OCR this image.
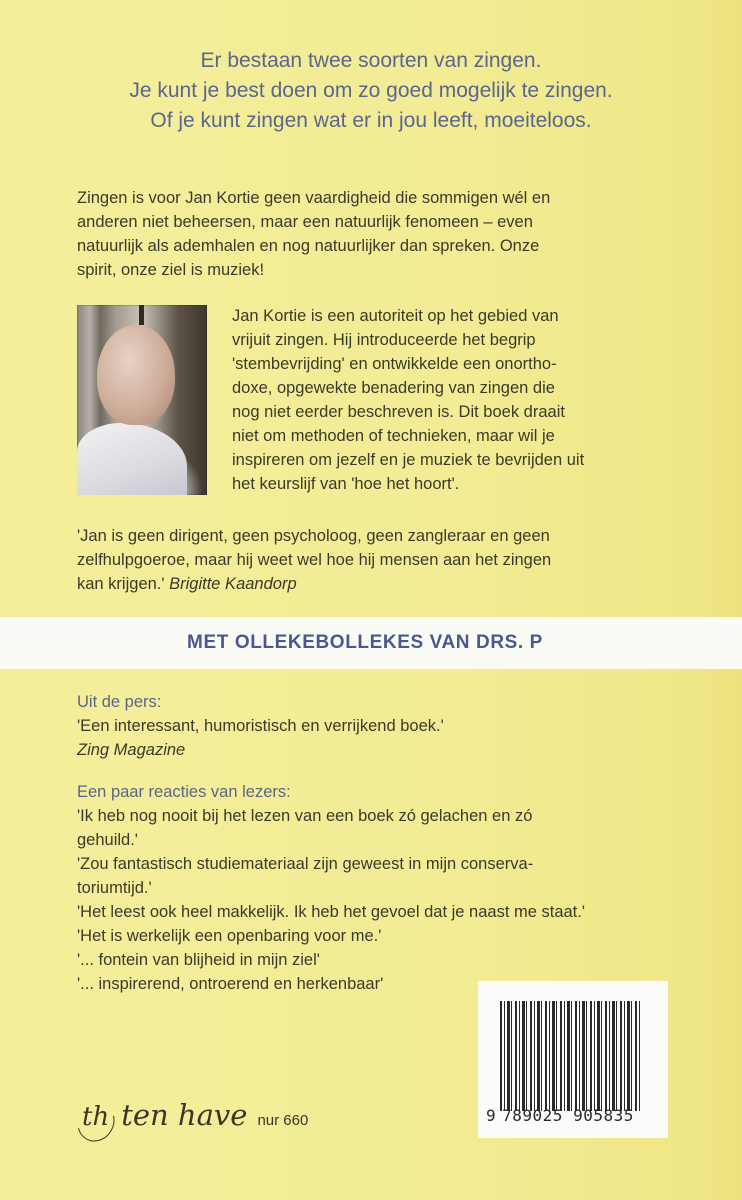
Er bestaan twee soorten van zingen.
Je kunt je best doen om zo goed mogelijk te zingen.
Of je kunt zingen wat er in jou leeft, moeiteloos.
Zingen is voor Jan Kortie geen vaardigheid die sommigen wél en
anderen niet beheersen, maar een natuurlijk fenomeen – even
natuurlijk als ademhalen en nog natuurlijker dan spreken. Onze
spirit, onze ziel is muziek!
Jan Kortie is een autoriteit op het gebied van
vrijuit zingen. Hij introduceerde het begrip
'stembevrijding' en ontwikkelde een onortho-
doxe, opgewekte benadering van zingen die
nog niet eerder beschreven is. Dit boek draait
niet om methoden of technieken, maar wil je
inspireren om jezelf en je muziek te bevrijden uit
het keurslijf van 'hoe het hoort'.
'Jan is geen dirigent, geen psycholoog, geen zangleraar en geen
zelfhulpgoeroe, maar hij weet wel hoe hij mensen aan het zingen
kan krijgen.' Brigitte Kaandorp
MET OLLEKEBOLLEKES VAN DRS. P
Uit de pers:
'Een interessant, humoristisch en verrijkend boek.'
Zing Magazine
Een paar reacties van lezers:
'Ik heb nog nooit bij het lezen van een boek zó gelachen en zó
gehuild.'
'Zou fantastisch studiemateriaal zijn geweest in mijn conserva-
toriumtijd.'
'Het leest ook heel makkelijk. Ik heb het gevoel dat je naast me staat.'
'Het is werkelijk een openbaring voor me.'
'... fontein van blijheid in mijn ziel'
'... inspirerend, ontroerend en herkenbaar'
9 789025 905835
th ten have nur 660
